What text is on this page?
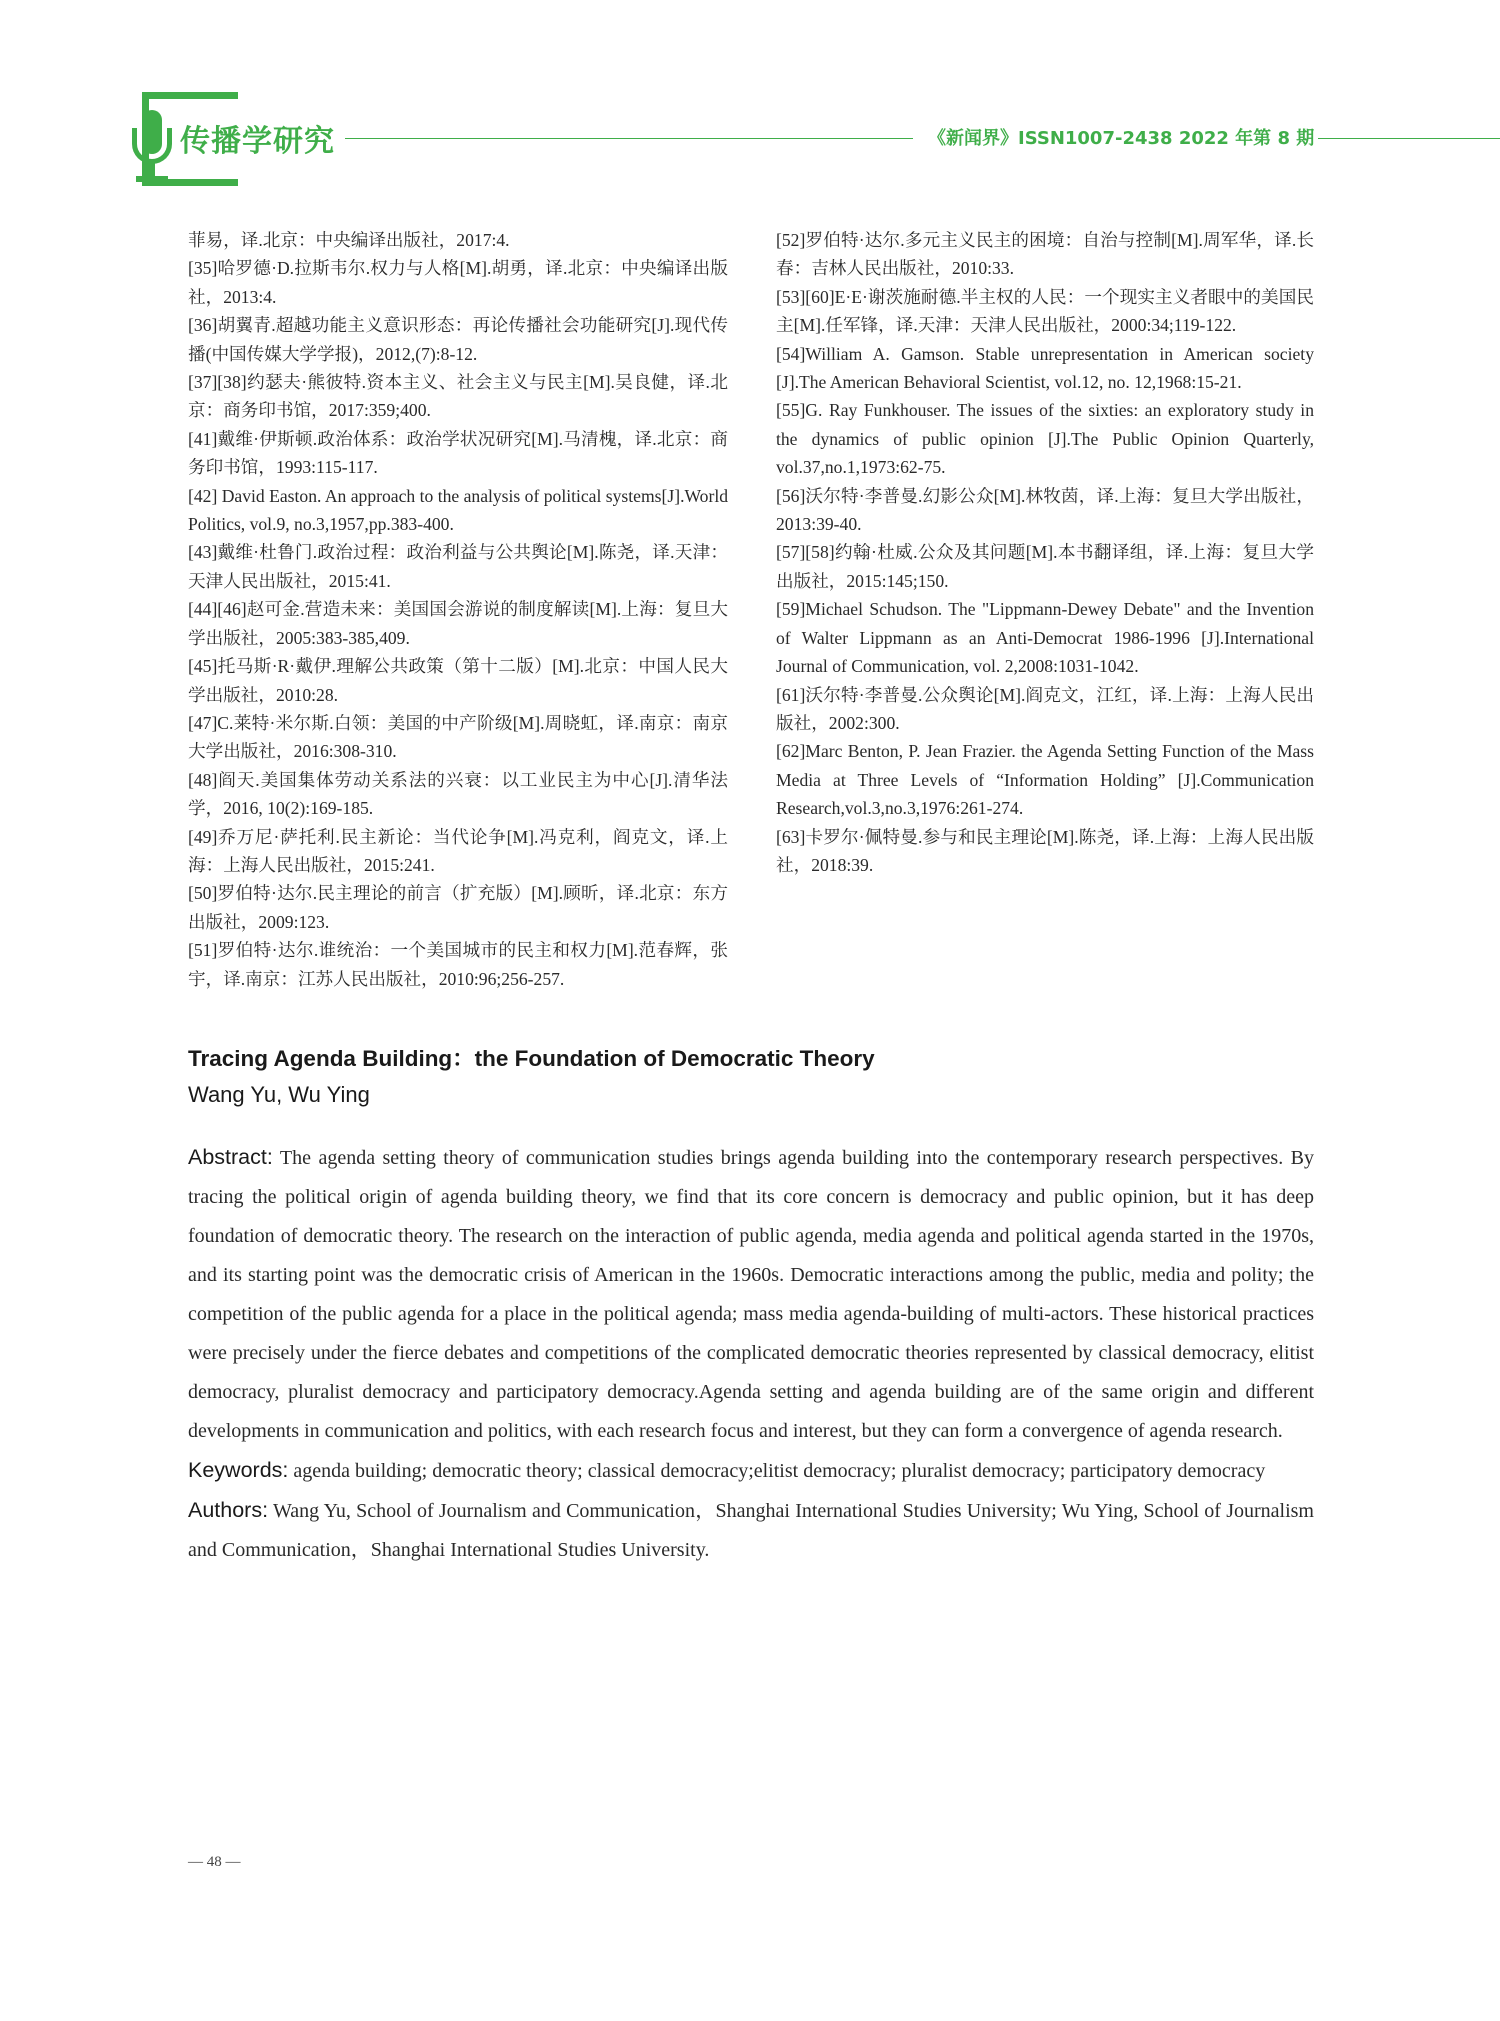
传播学研究	《新闻界》ISSN1007-2438 2022 年第 8 期

菲易，译.北京：中央编译出版社，2017:4.

[35]哈罗德·D.拉斯韦尔.权力与人格[M].胡勇，译.北京：中央编译出版社，2013:4.

[36]胡翼青.超越功能主义意识形态：再论传播社会功能研究[J].现代传播(中国传媒大学学报)，2012,(7):8-12.

[37][38]约瑟夫·熊彼特.资本主义、社会主义与民主[M].吴良健，译.北京：商务印书馆，2017:359;400.

[41]戴维·伊斯顿.政治体系：政治学状况研究[M].马清槐，译.北京：商务印书馆，1993:115-117.

[42] David Easton. An approach to the analysis of political systems[J].World Politics, vol.9, no.3,1957,pp.383-400.

[43]戴维·杜鲁门.政治过程：政治利益与公共舆论[M].陈尧，译.天津：天津人民出版社，2015:41.

[44][46]赵可金.营造未来：美国国会游说的制度解读[M].上海：复旦大学出版社，2005:383-385,409.

[45]托马斯·R·戴伊.理解公共政策（第十二版）[M].北京：中国人民大学出版社，2010:28.

[47]C.莱特·米尔斯.白领：美国的中产阶级[M].周晓虹，译.南京：南京大学出版社，2016:308-310.

[48]阎天.美国集体劳动关系法的兴衰：以工业民主为中心[J].清华法学，2016, 10(2):169-185.

[49]乔万尼·萨托利.民主新论：当代论争[M].冯克利，阎克文，译.上海：上海人民出版社，2015:241.

[50]罗伯特·达尔.民主理论的前言（扩充版）[M].顾昕，译.北京：东方出版社，2009:123.

[51]罗伯特·达尔.谁统治：一个美国城市的民主和权力[M].范春辉，张宇，译.南京：江苏人民出版社，2010:96;256-257.

[52]罗伯特·达尔.多元主义民主的困境：自治与控制[M].周军华，译.长春：吉林人民出版社，2010:33.

[53][60]E·E·谢茨施耐德.半主权的人民：一个现实主义者眼中的美国民主[M].任军锋，译.天津：天津人民出版社，2000:34;119-122.

[54]William A. Gamson. Stable unrepresentation in American society [J].The American Behavioral Scientist, vol.12, no. 12,1968:15-21.

[55]G. Ray Funkhouser. The issues of the sixties: an exploratory study in the dynamics of public opinion [J].The Public Opinion Quarterly, vol.37,no.1,1973:62-75.

[56]沃尔特·李普曼.幻影公众[M].林牧茵，译.上海：复旦大学出版社，2013:39-40.

[57][58]约翰·杜威.公众及其问题[M].本书翻译组，译.上海：复旦大学出版社，2015:145;150.

[59]Michael Schudson. The "Lippmann-Dewey Debate" and the Invention of Walter Lippmann as an Anti-Democrat 1986-1996 [J].International Journal of Communication, vol. 2,2008:1031-1042.

[61]沃尔特·李普曼.公众舆论[M].阎克文，江红，译.上海：上海人民出版社，2002:300.

[62]Marc Benton, P. Jean Frazier. the Agenda Setting Function of the Mass Media at Three Levels of “Information Holding” [J].Communication Research,vol.3,no.3,1976:261-274.

[63]卡罗尔·佩特曼.参与和民主理论[M].陈尧，译.上海：上海人民出版社，2018:39.

Tracing Agenda Building：the Foundation of Democratic Theory

Wang Yu, Wu Ying

Abstract: The agenda setting theory of communication studies brings agenda building into the contemporary research perspectives. By tracing the political origin of agenda building theory, we find that its core concern is democracy and public opinion, but it has deep foundation of democratic theory. The research on the interaction of public agenda, media agenda and political agenda started in the 1970s, and its starting point was the democratic crisis of American in the 1960s. Democratic interactions among the public, media and polity; the competition of the public agenda for a place in the political agenda; mass media agenda-building of multi-actors. These historical practices were precisely under the fierce debates and competitions of the complicated democratic theories represented by classical democracy, elitist democracy, pluralist democracy and participatory democracy.Agenda setting and agenda building are of the same origin and different developments in communication and politics, with each research focus and interest, but they can form a convergence of agenda research.

Keywords: agenda building; democratic theory; classical democracy;elitist democracy; pluralist democracy; participatory democracy

Authors: Wang Yu, School of Journalism and Communication，Shanghai International Studies University; Wu Ying, School of Journalism and Communication，Shanghai International Studies University.

— 48 —
